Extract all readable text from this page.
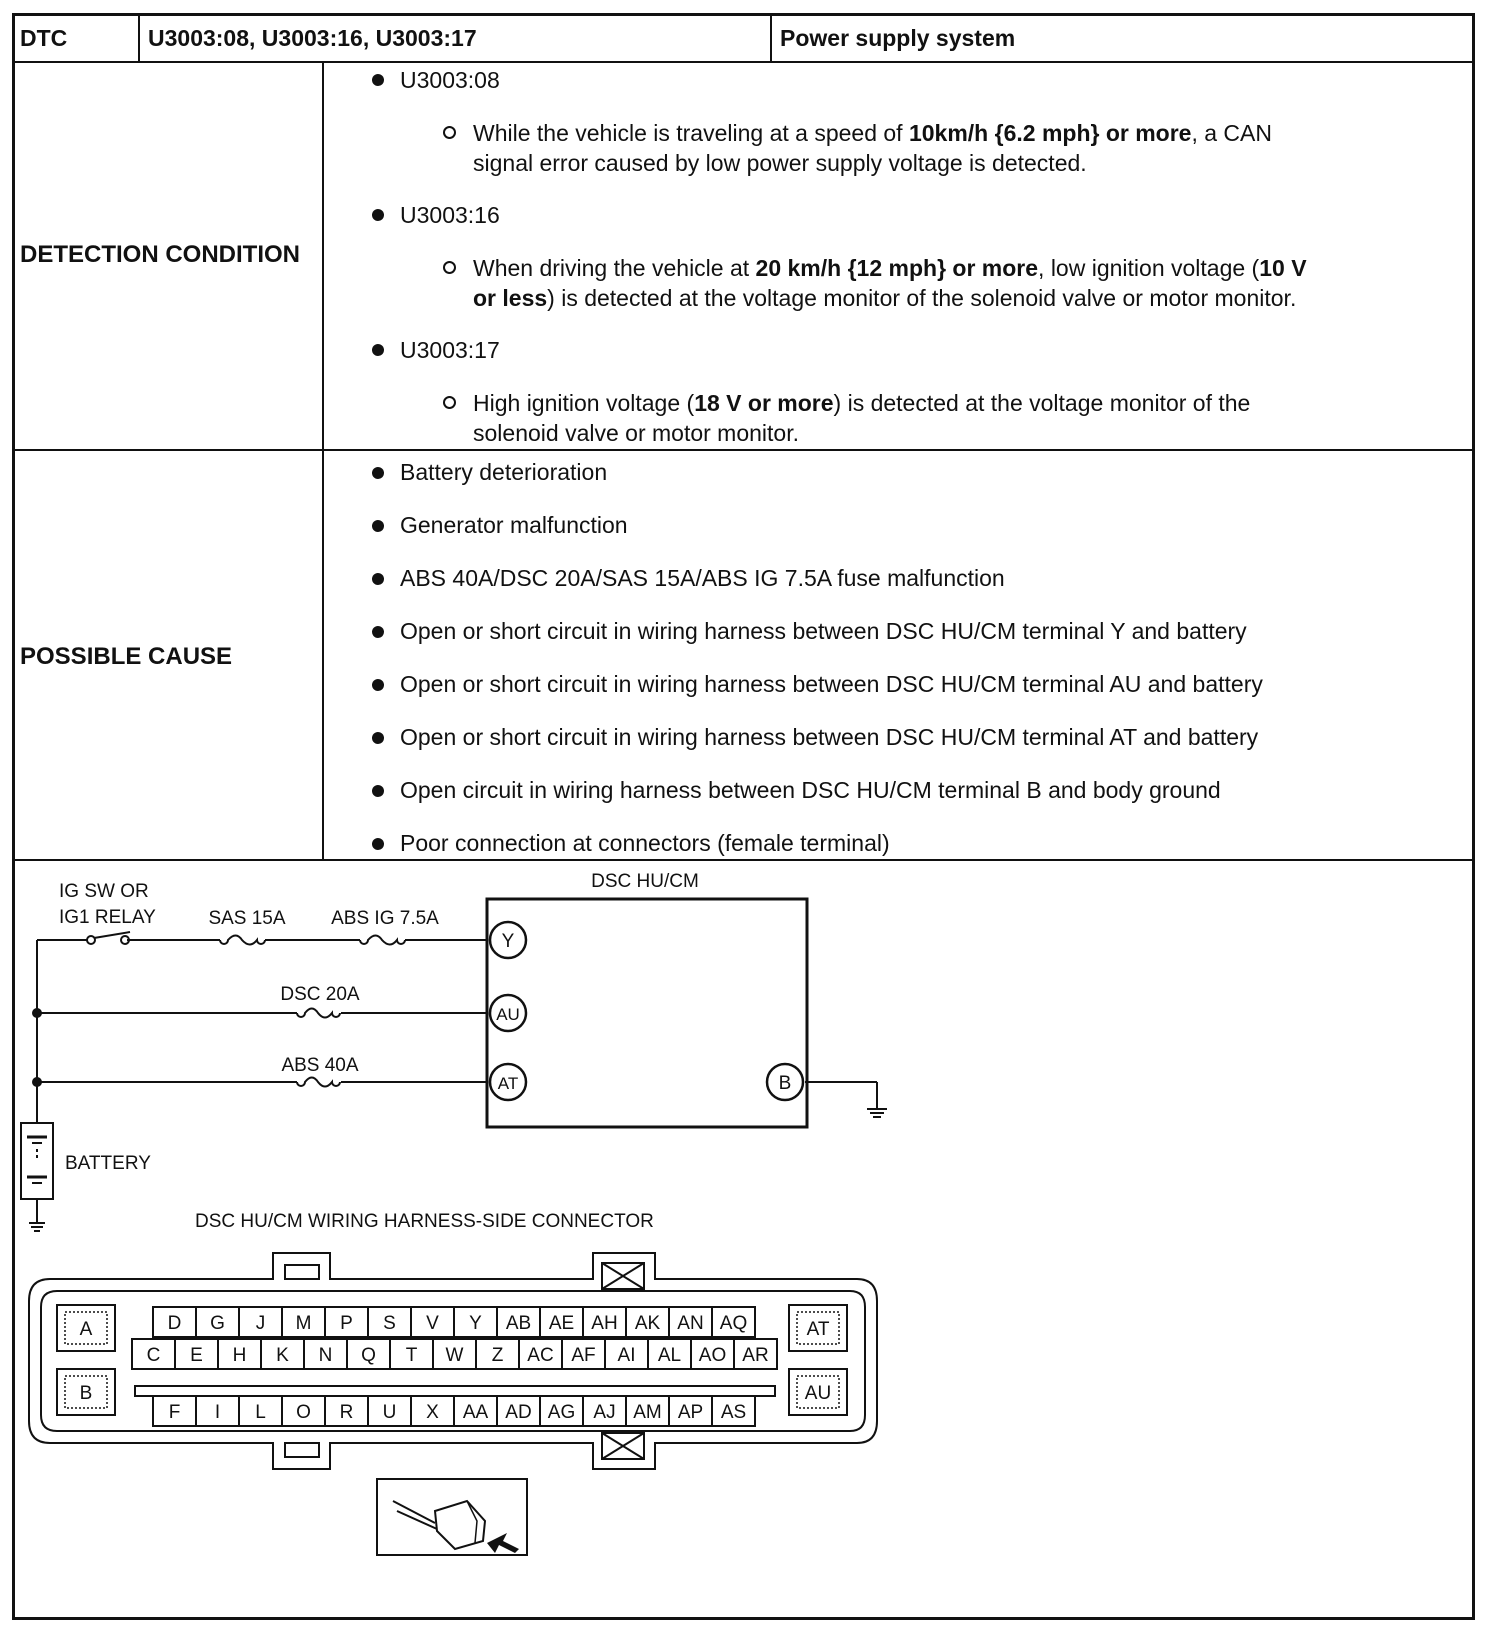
DTC	U3003:08, U3003:16, U3003:17	Power supply system
DETECTION CONDITION
U3003:08
While the vehicle is traveling at a speed of 10km/h {6.2 mph} or more, a CAN
signal error caused by low power supply voltage is detected.
U3003:16
When driving the vehicle at 20 km/h {12 mph} or more, low ignition voltage (10 V
or less) is detected at the voltage monitor of the solenoid valve or motor monitor.
U3003:17
High ignition voltage (18 V or more) is detected at the voltage monitor of the
solenoid valve or motor monitor.
POSSIBLE CAUSE
Battery deterioration
Generator malfunction
ABS 40A/DSC 20A/SAS 15A/ABS IG 7.5A fuse malfunction
Open or short circuit in wiring harness between DSC HU/CM terminal Y and battery
Open or short circuit in wiring harness between DSC HU/CM terminal AU and battery
Open or short circuit in wiring harness between DSC HU/CM terminal AT and battery
Open circuit in wiring harness between DSC HU/CM terminal B and body ground
Poor connection at connectors (female terminal)
DSC HU/CM
IG SW OR
IG1 RELAY	SAS 15A ABS IG 7.5A
DSC 20A
ABS 40A
BATTERY
Y
AU
AT	B
DSC HU/CM WIRING HARNESS-SIDE CONNECTOR
A
B
AT
AU
D G J M P S V Y AB AE AH AK AN AQ
C E H K N Q T W Z AC AF AI AL AO AR
F I L O R U X AA AD AG AJ AM AP AS
